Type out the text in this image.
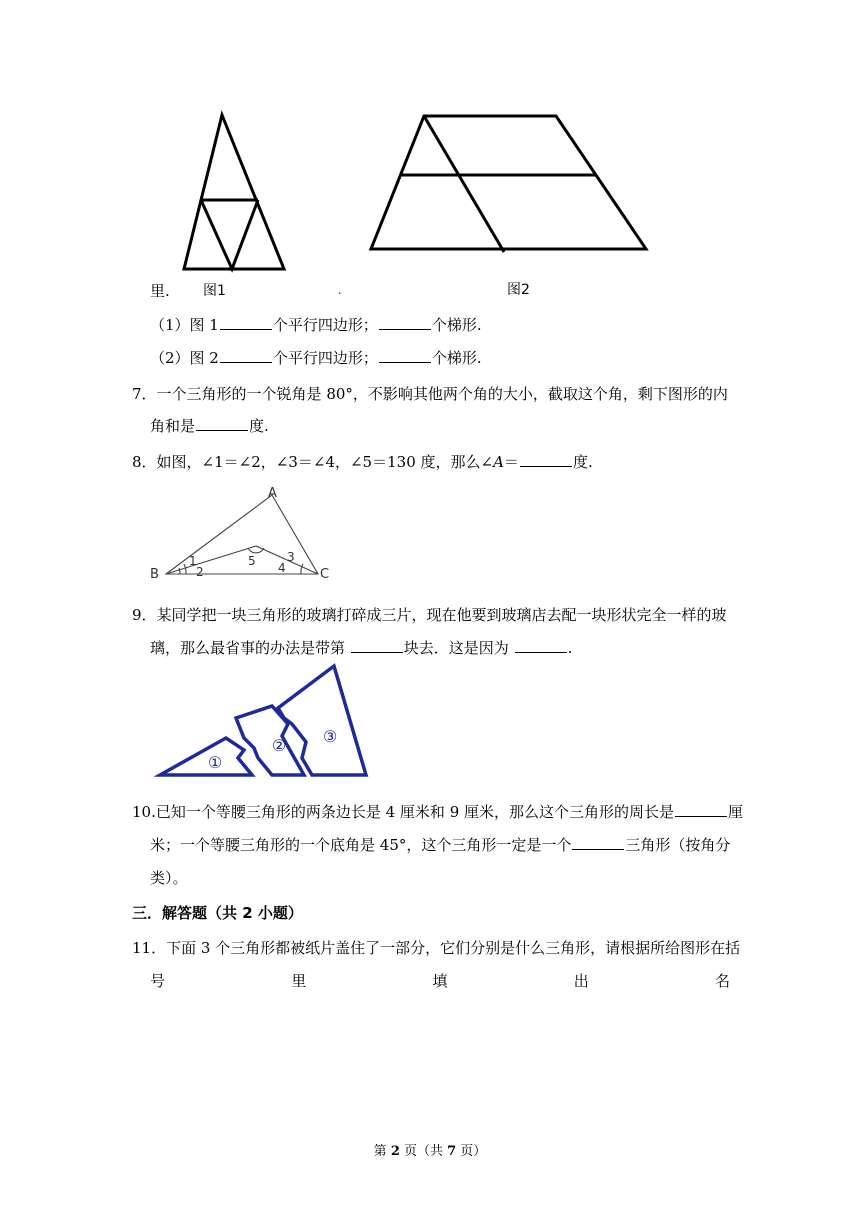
图1	图2
里.	.
（1）图 1	个平行四边形；	个梯形.
（2）图 2	个平行四边形；	个梯形.
7．一个三角形的一个锐角是 80°，不影响其他两个角的大小，截取这个角，剩下图形的内
角和是	度.
8．如图，∠1＝∠2，∠3＝∠4，∠5＝130 度，那么∠A＝	度.
A
B	C
1
2
3
4
5
9．某同学把一块三角形的玻璃打碎成三片，现在他要到玻璃店去配一块形状完全一样的玻
璃，那么最省事的办法是带第	块去．这是因为	.
①
② ③
10.已知一个等腰三角形的两条边长是 4 厘米和 9 厘米，那么这个三角形的周长是	厘
米；一个等腰三角形的一个底角是 45°，这个三角形一定是一个	三角形（按角分
类）。
三．解答题（共 2 小题）
11．下面 3 个三角形都被纸片盖住了一部分，它们分别是什么三角形，请根据所给图形在括
号	里	填	出	名
第 2 页（共 7 页）
